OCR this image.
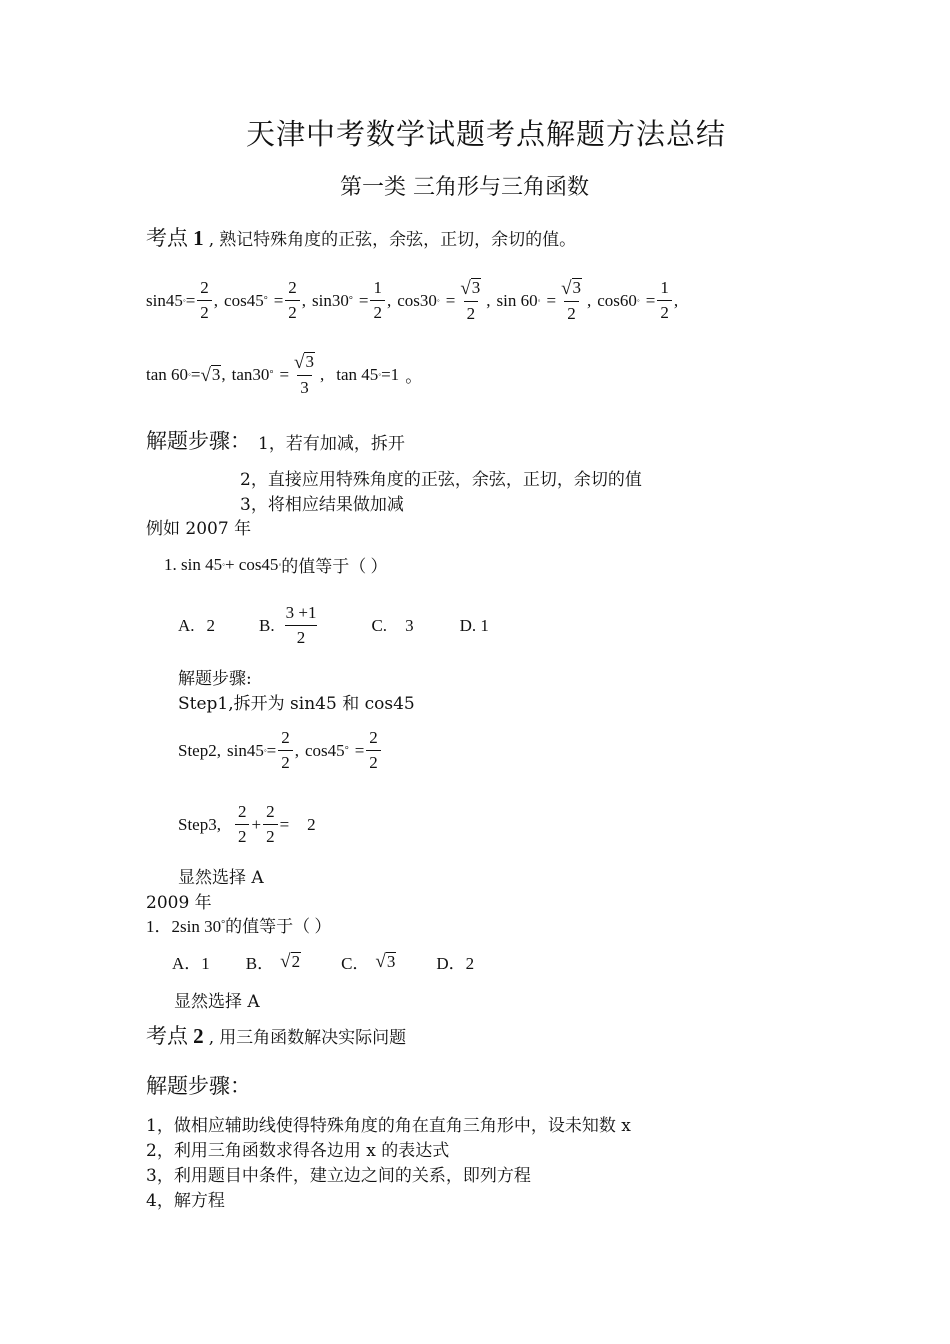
天津中考数学试题考点解题方法总结
第一类 三角形与三角函数
考点 1 , 熟记特殊角度的正弦，余弦，正切，余切的值。
sin45 ◦ = $\frac{2}{2}$ , cos45 ° = $\frac{2}{2}$ , sin30 ° = $\frac{1}{2}$ , cos30 ◦ = $\frac{√ 3}{2}$ , sin 60 ◦ = $\frac{√ 3}{2}$ , cos60 ◦ = $\frac{1}{2}$ ,
tan 60 ◦ = √ 3 , tan30 ° = $\frac{√ 3}{3}$ , tan 45 ◦ =1 。
解题步骤： 1，若有加减，拆开
2，直接应用特殊角度的正弦，余弦，正切，余切的值
3，将相应结果做加减
例如 2007 年
1. sin 45 ◦ + cos45 ◦ 的值等于（ ）
A. 2	B. $\frac{3 +1}{2}$	C. 3	D. 1
解题步骤:
Step1,拆开为 sin45 和 cos45
Step2, sin45 ◦ = $\frac{2}{2}$ , cos45 ° = $\frac{2}{2}$
Step3, $\frac{2}{2} + \frac{2}{2} = 2$
显然选择 A
2009 年
1．2sin 30 ° 的值等于（ ）
A．1 B． √ 2 C． √ 3 D．2
显然选择 A
考点 2 , 用三角函数解决实际问题
解题步骤：
1，做相应辅助线使得特殊角度的角在直角三角形中，设未知数 x
2，利用三角函数求得各边用 x 的表达式
3，利用题目中条件，建立边之间的关系，即列方程
4，解方程
